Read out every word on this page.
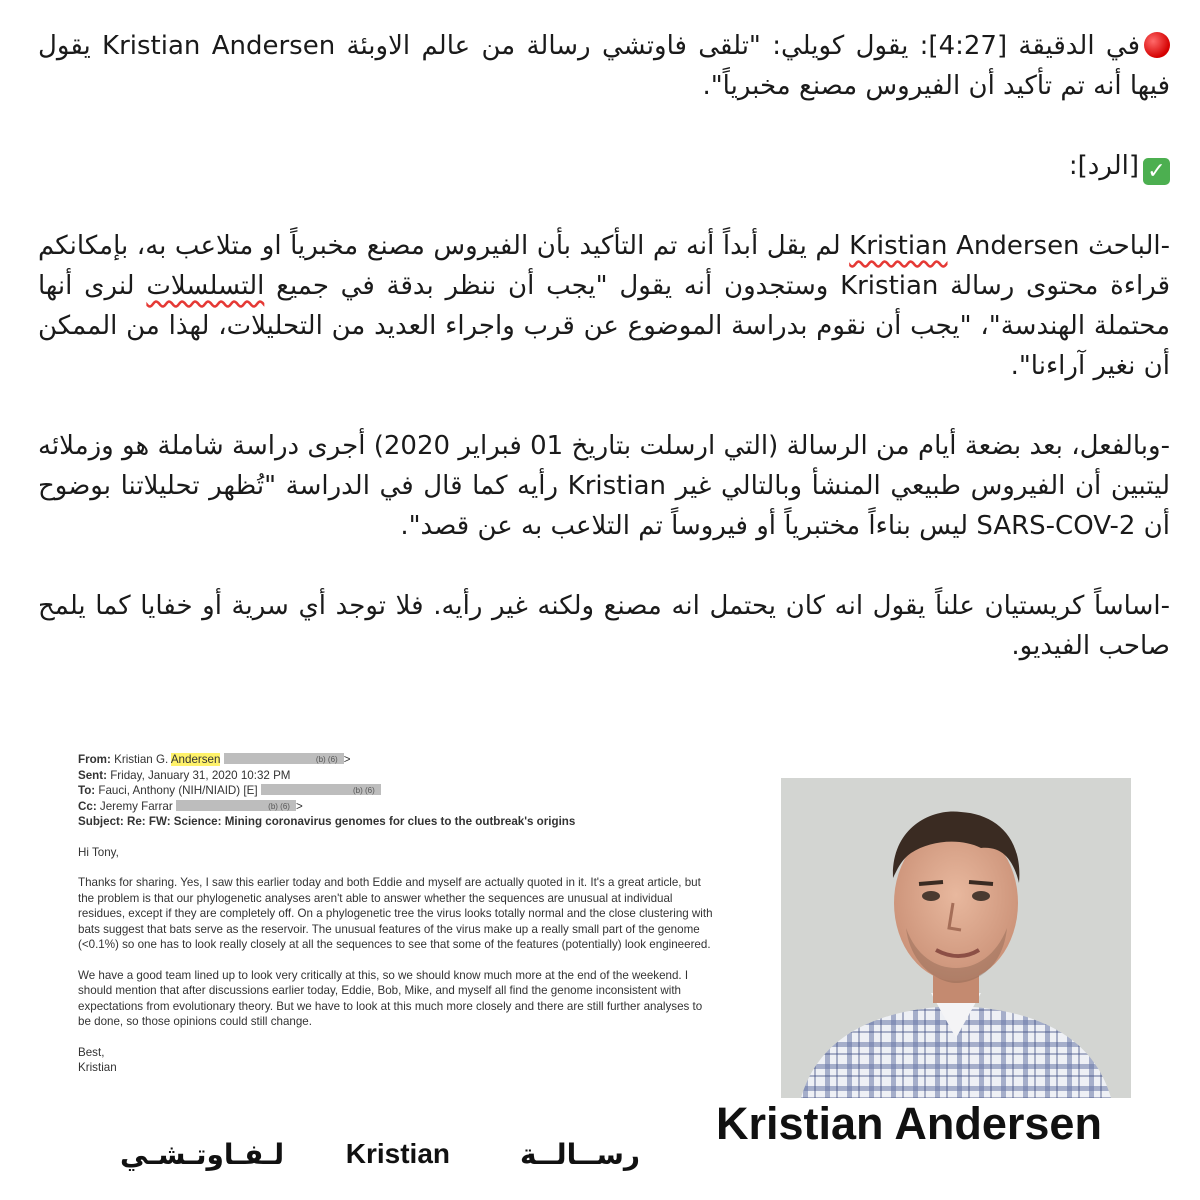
في الدقيقة [4:27]: يقول كويلي: "تلقى فاوتشي رسالة من عالم الاوبئة Kristian Andersen يقول فيها أنه تم تأكيد أن الفيروس مصنع مخبرياً".

✓[الرد]:

-الباحث Kristian Andersen لم يقل أبداً أنه تم التأكيد بأن الفيروس مصنع مخبرياً او متلاعب به، بإمكانكم قراءة محتوى رسالة Kristian وستجدون أنه يقول "يجب أن ننظر بدقة في جميع التسلسلات لنرى أنها محتملة الهندسة"، "يجب أن نقوم بدراسة الموضوع عن قرب واجراء العديد من التحليلات، لهذا من الممكن أن نغير آراءنا".

-وبالفعل، بعد بضعة أيام من الرسالة (التي ارسلت بتاريخ 01 فبراير 2020) أجرى دراسة شاملة هو وزملائه ليتبين أن الفيروس طبيعي المنشأ وبالتالي غير Kristian رأيه كما قال في الدراسة "تُظهر تحليلاتنا بوضوح أن SARS-COV-2 ليس بناءاً مختبرياً أو فيروساً تم التلاعب به عن قصد".

-اساساً كريستيان علناً يقول انه كان يحتمل انه مصنع ولكنه غير رأيه. فلا توجد أي سرية أو خفايا كما يلمح صاحب الفيديو.

From: Kristian G. Andersen	(b) (6) >
Sent: Friday, January 31, 2020 10:32 PM
To: Fauci, Anthony (NIH/NIAID) [E]	(b) (6)
Cc: Jeremy Farrar	(b) (6) >
Subject: Re: FW: Science: Mining coronavirus genomes for clues to the outbreak's origins

Hi Tony,

Thanks for sharing. Yes, I saw this earlier today and both Eddie and myself are actually quoted in it. It's a great article, but the problem is that our phylogenetic analyses aren't able to answer whether the sequences are unusual at individual residues, except if they are completely off. On a phylogenetic tree the virus looks totally normal and the close clustering with bats suggest that bats serve as the reservoir. The unusual features of the virus make up a really small part of the genome (<0.1%) so one has to look really closely at all the sequences to see that some of the features (potentially) look engineered.

We have a good team lined up to look very critically at this, so we should know much more at the end of the weekend. I should mention that after discussions earlier today, Eddie, Bob, Mike, and myself all find the genome inconsistent with expectations from evolutionary theory. But we have to look at this much more closely and there are still further analyses to be done, so those opinions could still change.

Best,
Kristian
Kristian Andersen
رســالــة
Kristian
لـفـاوتـشـي
